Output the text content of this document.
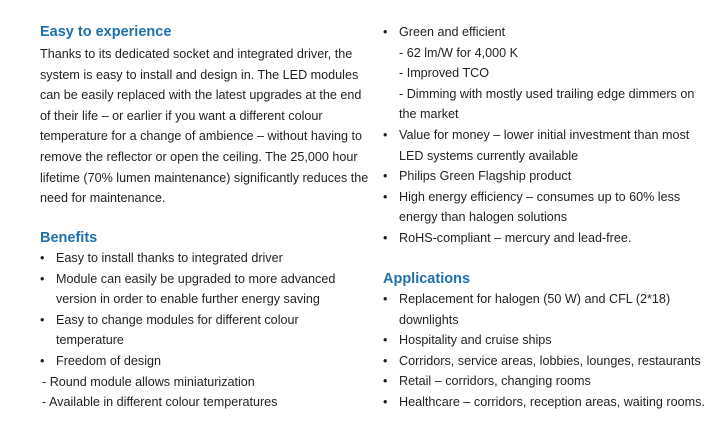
Easy to experience

Thanks to its dedicated socket and integrated driver, the system is easy to install and design in. The LED modules can be easily replaced with the latest upgrades at the end of their life – or earlier if you want a different colour temperature for a change of ambience – without having to remove the reflector or open the ceiling. The 25,000 hour lifetime (70% lumen maintenance) significantly reduces the need for maintenance.

Benefits
• Easy to install thanks to integrated driver
• Module can easily be upgraded to more advanced version in order to enable further energy saving
• Easy to change modules for different colour temperature
• Freedom of design
- Round module allows miniaturization
- Available in different colour temperatures
• Green and efficient
- 62 lm/W for 4,000 K
- Improved TCO
- Dimming with mostly used trailing edge dimmers on the market
• Value for money – lower initial investment than most LED systems currently available
• Philips Green Flagship product
• High energy efficiency – consumes up to 60% less energy than halogen solutions
• RoHS-compliant – mercury and lead-free.
Applications
• Replacement for halogen (50 W) and CFL (2*18) downlights
• Hospitality and cruise ships
• Corridors, service areas, lobbies, lounges, restaurants
• Retail – corridors, changing rooms
• Healthcare – corridors, reception areas, waiting rooms.
